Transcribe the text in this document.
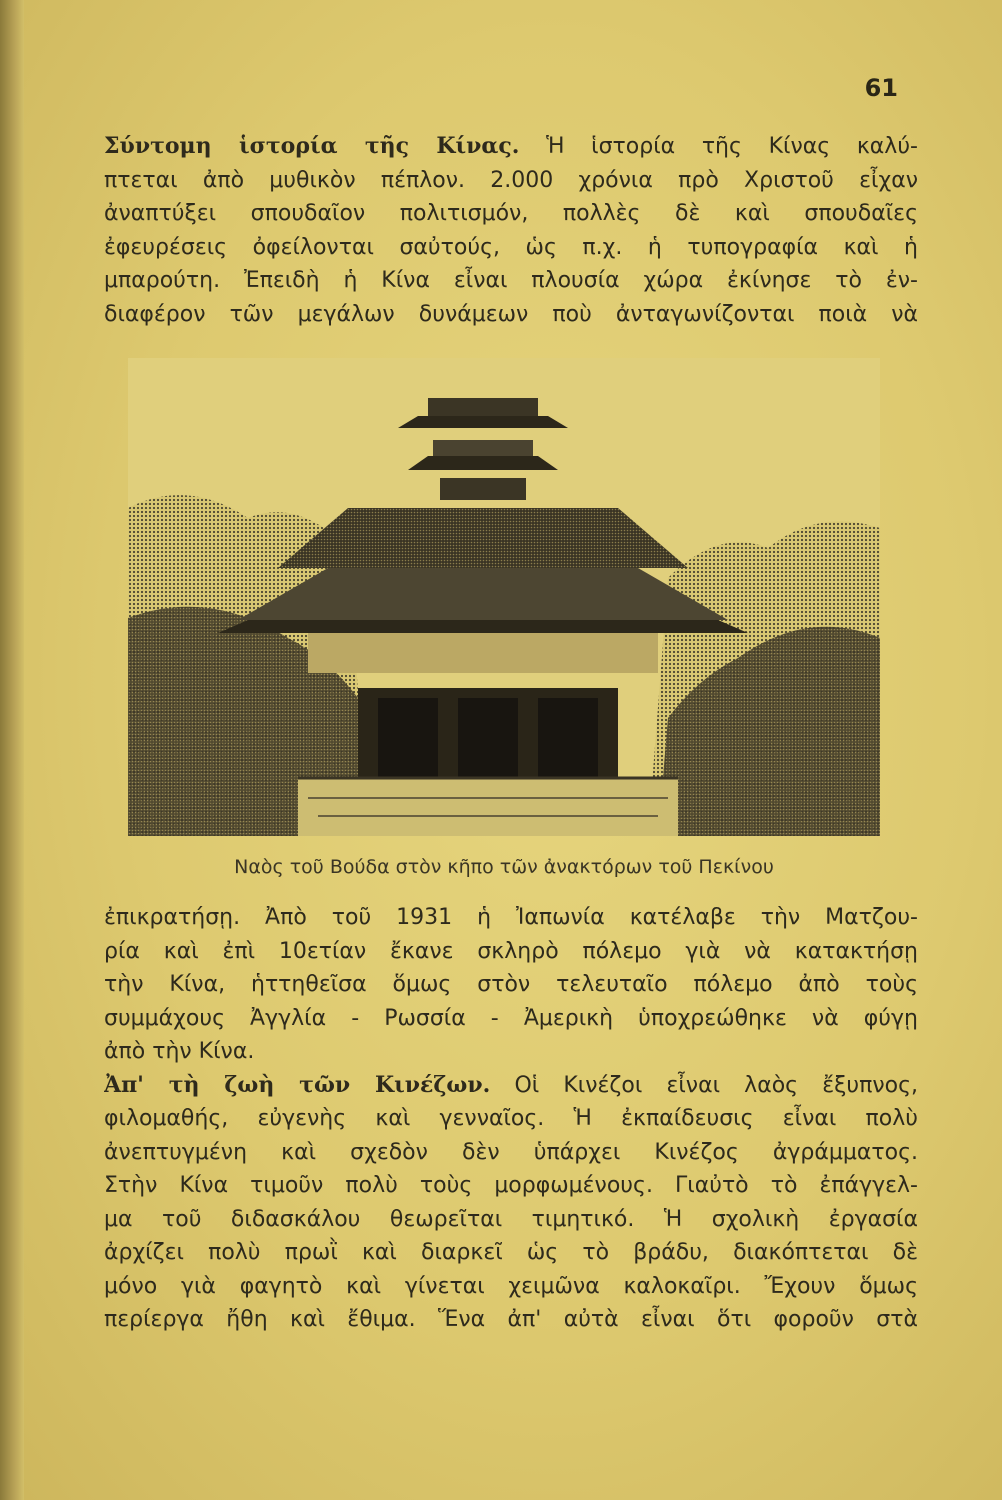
61
Σύντομη ἱστορία τῆς Κίνας. Ἡ ἱστορία τῆς Κίνας καλύ-
πτεται ἀπὸ μυθικὸν πέπλον. 2.000 χρόνια πρὸ Χριστοῦ εἶχαν
ἀναπτύξει σπουδαῖον πολιτισμόν, πολλὲς δὲ καὶ σπουδαῖες
ἐφευρέσεις ὀφείλονται σαὐτούς, ὡς π.χ. ἡ τυπογραφία καὶ ἡ
μπαρούτη. Ἐπειδὴ ἡ Κίνα εἶναι πλουσία χώρα ἐκίνησε τὸ ἐν-
διαφέρον τῶν μεγάλων δυνάμεων ποὺ ἀνταγωνίζονται ποιὰ νὰ
Ναὸς τοῦ Βούδα στὸν κῆπο τῶν ἀνακτόρων τοῦ Πεκίνου
ἐπικρατήσῃ. Ἀπὸ τοῦ 1931 ἡ Ἰαπωνία κατέλαβε τὴν Ματζου-
ρία καὶ ἐπὶ 10ετίαν ἔκανε σκληρὸ πόλεμο γιὰ νὰ κατακτήσῃ
τὴν Κίνα, ἡττηθεῖσα ὅμως στὸν τελευταῖο πόλεμο ἀπὸ τοὺς
συμμάχους Ἀγγλία - Ρωσσία - Ἀμερικὴ ὑποχρεώθηκε νὰ φύγῃ
ἀπὸ τὴν Κίνα.
Ἀπ' τὴ ζωὴ τῶν Κινέζων. Οἱ Κινέζοι εἶναι λαὸς ἔξυπνος,
φιλομαθής, εὐγενὴς καὶ γενναῖος. Ἡ ἐκπαίδευσις εἶναι πολὺ
ἀνεπτυγμένη καὶ σχεδὸν δὲν ὑπάρχει Κινέζος ἀγράμματος.
Στὴν Κίνα τιμοῦν πολὺ τοὺς μορφωμένους. Γιαὐτὸ τὸ ἐπάγγελ-
μα τοῦ διδασκάλου θεωρεῖται τιμητικό. Ἡ σχολικὴ ἐργασία
ἀρχίζει πολὺ πρωῒ καὶ διαρκεῖ ὡς τὸ βράδυ, διακόπτεται δὲ
μόνο γιὰ φαγητὸ καὶ γίνεται χειμῶνα καλοκαῖρι. Ἔχουν ὅμως
περίεργα ἤθη καὶ ἔθιμα. Ἕνα ἀπ' αὐτὰ εἶναι ὅτι φοροῦν στὰ
